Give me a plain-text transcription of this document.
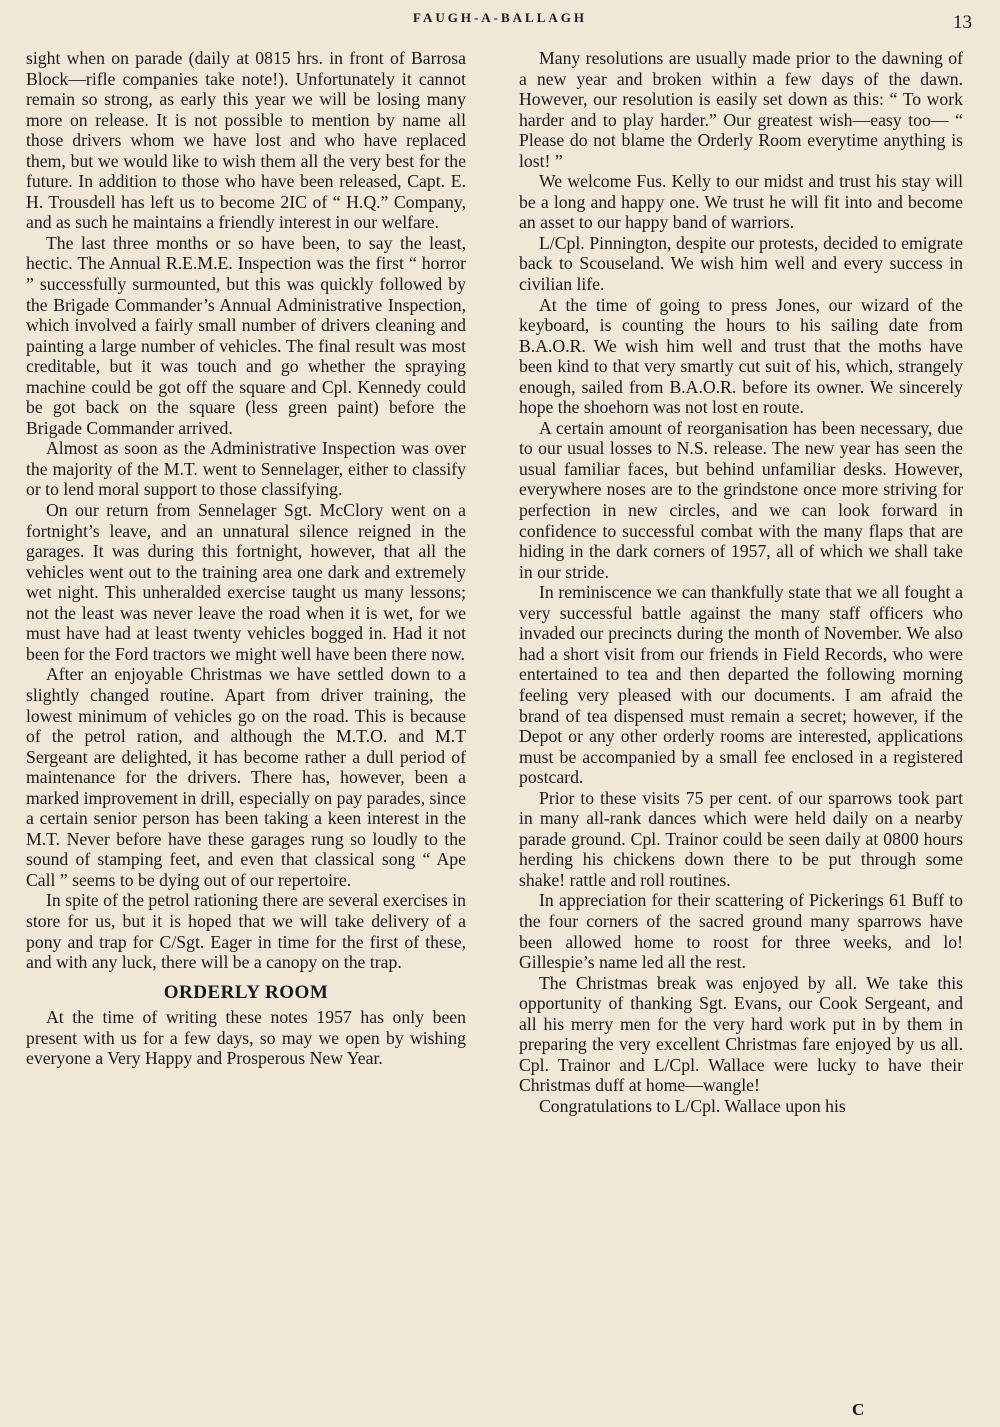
FAUGH-A-BALLAGH	13

sight when on parade (daily at 0815 hrs. in front of Barrosa Block—rifle companies take note!). Unfortunately it cannot remain so strong, as early this year we will be losing many more on release. It is not possible to mention by name all those drivers whom we have lost and who have replaced them, but we would like to wish them all the very best for the future. In addition to those who have been released, Capt. E. H. Trousdell has left us to become 2IC of “ H.Q.” Company, and as such he maintains a friendly interest in our welfare.

The last three months or so have been, to say the least, hectic. The Annual R.E.M.E. Inspection was the first “ horror ” successfully surmounted, but this was quickly followed by the Brigade Commander’s Annual Administrative Inspection, which involved a fairly small number of drivers cleaning and painting a large number of vehicles. The final result was most creditable, but it was touch and go whether the spraying machine could be got off the square and Cpl. Kennedy could be got back on the square (less green paint) before the Brigade Commander arrived.

Almost as soon as the Administrative Inspection was over the majority of the M.T. went to Sennelager, either to classify or to lend moral support to those classifying.

On our return from Sennelager Sgt. McClory went on a fortnight’s leave, and an unnatural silence reigned in the garages. It was during this fortnight, however, that all the vehicles went out to the training area one dark and extremely wet night. This unheralded exercise taught us many lessons; not the least was never leave the road when it is wet, for we must have had at least twenty vehicles bogged in. Had it not been for the Ford tractors we might well have been there now.

After an enjoyable Christmas we have settled down to a slightly changed routine. Apart from driver training, the lowest minimum of vehicles go on the road. This is because of the petrol ration, and although the M.T.O. and M.T Sergeant are delighted, it has become rather a dull period of maintenance for the drivers. There has, however, been a marked improvement in drill, especially on pay parades, since a certain senior person has been taking a keen interest in the M.T. Never before have these garages rung so loudly to the sound of stamping feet, and even that classical song “ Ape Call ” seems to be dying out of our repertoire.

In spite of the petrol rationing there are several exercises in store for us, but it is hoped that we will take delivery of a pony and trap for C/Sgt. Eager in time for the first of these, and with any luck, there will be a canopy on the trap.

ORDERLY ROOM

At the time of writing these notes 1957 has only been present with us for a few days, so may we open by wishing everyone a Very Happy and Prosperous New Year.

Many resolutions are usually made prior to the dawning of a new year and broken within a few days of the dawn. However, our resolution is easily set down as this: “ To work harder and to play harder.” Our greatest wish—easy too— “ Please do not blame the Orderly Room everytime anything is lost! ”

We welcome Fus. Kelly to our midst and trust his stay will be a long and happy one. We trust he will fit into and become an asset to our happy band of warriors.

L/Cpl. Pinnington, despite our protests, decided to emigrate back to Scouseland. We wish him well and every success in civilian life.

At the time of going to press Jones, our wizard of the keyboard, is counting the hours to his sailing date from B.A.O.R. We wish him well and trust that the moths have been kind to that very smartly cut suit of his, which, strangely enough, sailed from B.A.O.R. before its owner. We sincerely hope the shoehorn was not lost en route.

A certain amount of reorganisation has been necessary, due to our usual losses to N.S. release. The new year has seen the usual familiar faces, but behind unfamiliar desks. However, everywhere noses are to the grindstone once more striving for perfection in new circles, and we can look forward in confidence to successful combat with the many flaps that are hiding in the dark corners of 1957, all of which we shall take in our stride.

In reminiscence we can thankfully state that we all fought a very successful battle against the many staff officers who invaded our precincts during the month of November. We also had a short visit from our friends in Field Records, who were entertained to tea and then departed the following morning feeling very pleased with our documents. I am afraid the brand of tea dispensed must remain a secret; however, if the Depot or any other orderly rooms are interested, applications must be accompanied by a small fee enclosed in a registered postcard.

Prior to these visits 75 per cent. of our sparrows took part in many all-rank dances which were held daily on a nearby parade ground. Cpl. Trainor could be seen daily at 0800 hours herding his chickens down there to be put through some shake! rattle and roll routines.

In appreciation for their scattering of Pickerings 61 Buff to the four corners of the sacred ground many sparrows have been allowed home to roost for three weeks, and lo! Gillespie’s name led all the rest.

The Christmas break was enjoyed by all. We take this opportunity of thanking Sgt. Evans, our Cook Sergeant, and all his merry men for the very hard work put in by them in preparing the very excellent Christmas fare enjoyed by us all. Cpl. Trainor and L/Cpl. Wallace were lucky to have their Christmas duff at home—wangle!

Congratulations to L/Cpl. Wallace upon his

C
